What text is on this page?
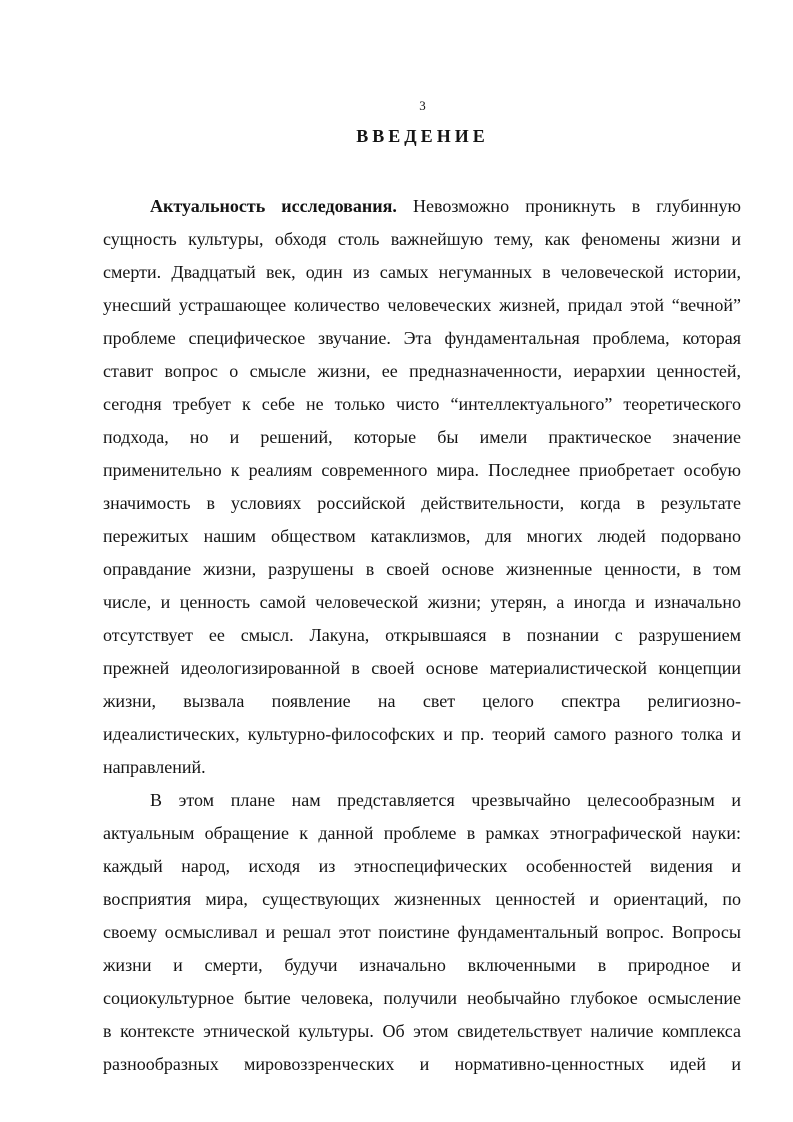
3
ВВЕДЕНИЕ
Актуальность исследования. Невозможно проникнуть в глубинную
сущность культуры, обходя столь важнейшую тему, как феномены жизни и
смерти. Двадцатый век, один из самых негуманных в человеческой истории,
унесший устрашающее количество человеческих жизней, придал этой “вечной”
проблеме специфическое звучание. Эта фундаментальная проблема, которая
ставит вопрос о смысле жизни, ее предназначенности, иерархии ценностей,
сегодня требует к себе не только чисто “интеллектуального” теоретического
подхода, но и решений, которые бы имели практическое значение
применительно к реалиям современного мира. Последнее приобретает особую
значимость в условиях российской действительности, когда в результате
пережитых нашим обществом катаклизмов, для многих людей подорвано
оправдание жизни, разрушены в своей основе жизненные ценности, в том
числе, и ценность самой человеческой жизни; утерян, а иногда и изначально
отсутствует ее смысл. Лакуна, открывшаяся в познании с разрушением
прежней идеологизированной в своей основе материалистической концепции
жизни, вызвала появление на свет целого спектра религиозно-
идеалистических, культурно-философских и пр. теорий самого разного толка и
направлений.
В этом плане нам представляется чрезвычайно целесообразным и
актуальным обращение к данной проблеме в рамках этнографической науки:
каждый народ, исходя из этноспецифических особенностей видения и
восприятия мира, существующих жизненных ценностей и ориентаций, по
своему осмысливал и решал этот поистине фундаментальный вопрос. Вопросы
жизни и смерти, будучи изначально включенными в природное и
социокультурное бытие человека, получили необычайно глубокое осмысление
в контексте этнической культуры. Об этом свидетельствует наличие комплекса
разнообразных мировоззренческих и нормативно-ценностных идей и
